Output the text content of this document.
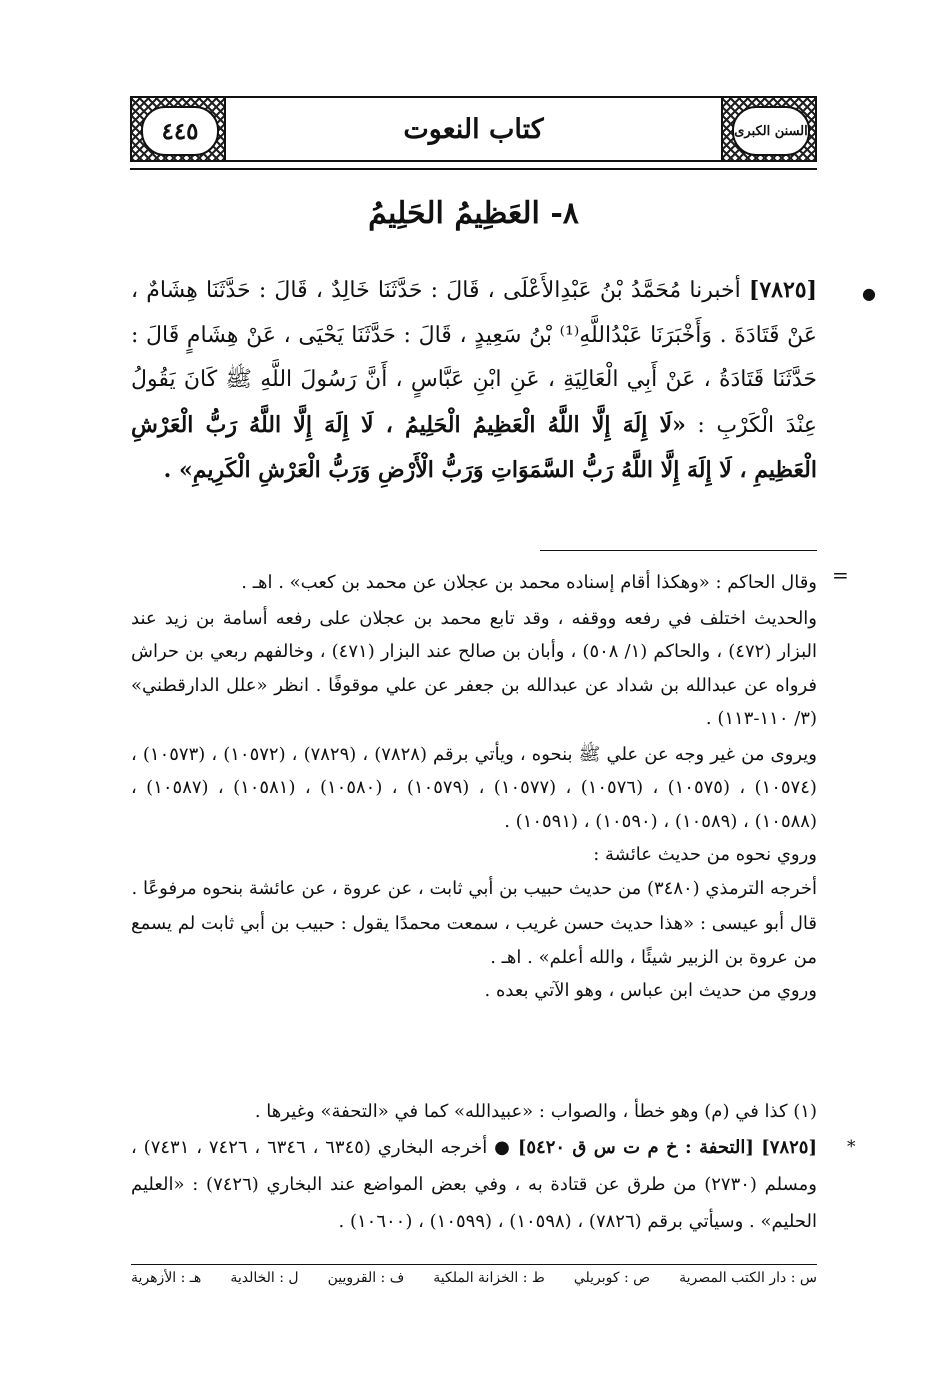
٤٤٥	كتاب النعوت	السنن الكبرى
٨- العَظِيمُ الحَلِيمُ
●
[٧٨٢٥] أخبرنا مُحَمَّدُ بْنُ عَبْدِالأَعْلَى ، قَالَ : حَدَّثَنَا خَالِدٌ ، قَالَ : حَدَّثَنَا هِشَامٌ ، عَنْ قَتَادَةَ . وَأَخْبَرَنَا عَبْدُاللَّهِ⁽¹⁾ بْنُ سَعِيدٍ ، قَالَ : حَدَّثَنَا يَحْيَى ، عَنْ هِشَامٍ قَالَ : حَدَّثَنَا قَتَادَةُ ، عَنْ أَبِي الْعَالِيَةِ ، عَنِ ابْنِ عَبَّاسٍ ، أَنَّ رَسُولَ اللَّهِ ﷺ كَانَ يَقُولُ عِنْدَ الْكَرْبِ : «لَا إِلَهَ إِلَّا اللَّهُ الْعَظِيمُ الْحَلِيمُ ، لَا إِلَهَ إِلَّا اللَّهُ رَبُّ الْعَرْشِ الْعَظِيمِ ، لَا إِلَهَ إِلَّا اللَّهُ رَبُّ السَّمَوَاتِ وَرَبُّ الْأَرْضِ وَرَبُّ الْعَرْشِ الْكَرِيمِ» .
=

وقال الحاكم : «وهكذا أقام إسناده محمد بن عجلان عن محمد بن كعب» . اهـ .

والحديث اختلف في رفعه ووقفه ، وقد تابع محمد بن عجلان على رفعه أسامة بن زيد عند البزار (٤٧٢) ، والحاكم (١/ ٥٠٨) ، وأبان بن صالح عند البزار (٤٧١) ، وخالفهم ربعي بن حراش فرواه عن عبدالله بن شداد عن عبدالله بن جعفر عن علي موقوفًا . انظر «علل الدارقطني» (٣/ ١١٠-١١٣) .

ويروى من غير وجه عن علي ﷺ بنحوه ، ويأتي برقم (٧٨٢٨) ، (٧٨٢٩) ، (١٠٥٧٢) ، (١٠٥٧٣) ، (١٠٥٧٤) ، (١٠٥٧٥) ، (١٠٥٧٦) ، (١٠٥٧٧) ، (١٠٥٧٩) ، (١٠٥٨٠) ، (١٠٥٨١) ، (١٠٥٨٧) ، (١٠٥٨٨) ، (١٠٥٨٩) ، (١٠٥٩٠) ، (١٠٥٩١) .

وروي نحوه من حديث عائشة :

أخرجه الترمذي (٣٤٨٠) من حديث حبيب بن أبي ثابت ، عن عروة ، عن عائشة بنحوه مرفوعًا .

قال أبو عيسى : «هذا حديث حسن غريب ، سمعت محمدًا يقول : حبيب بن أبي ثابت لم يسمع من عروة بن الزبير شيئًا ، والله أعلم» . اهـ .

وروي من حديث ابن عباس ، وهو الآتي بعده .

(١) كذا في (م) وهو خطأ ، والصواب : «عبيدالله» كما في «التحفة» وغيرها .
*
[٧٨٢٥] [التحفة : خ م ت س ق ٥٤٢٠] ● أخرجه البخاري (٦٣٤٥ ، ٦٣٤٦ ، ٧٤٢٦ ، ٧٤٣١) ، ومسلم (٢٧٣٠) من طرق عن قتادة به ، وفي بعض المواضع عند البخاري (٧٤٢٦) : «العليم الحليم» . وسيأتي برقم (٧٨٢٦) ، (١٠٥٩٨) ، (١٠٥٩٩) ، (١٠٦٠٠) .
س : دار الكتب المصرية
ص : كوبريلي
ط : الخزانة الملكية
ف : القرويين
ل : الخالدية
هـ : الأزهرية
